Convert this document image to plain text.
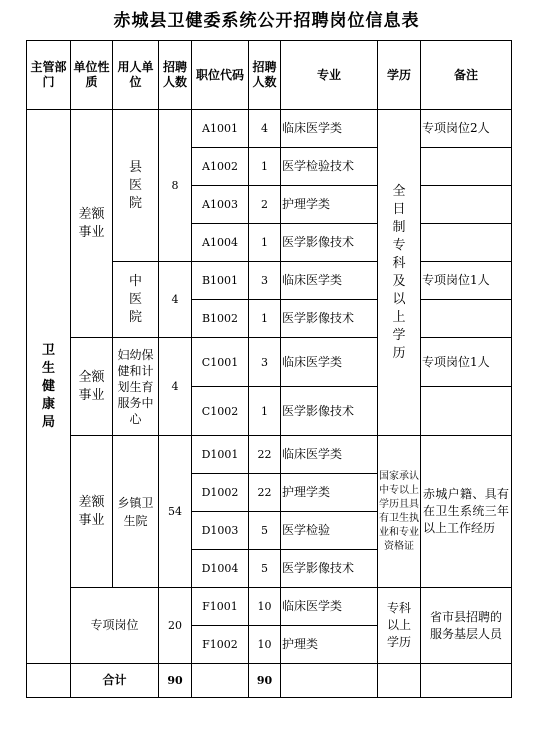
赤城县卫健委系统公开招聘岗位信息表
主管部门	单位性质	用人单位	招聘人数	职位代码	招聘人数	专业	学历	备注
卫生健康局	差额事业	县医院	8	A1001	4	临床医学类	全日制专科及以上学历	专项岗位2人
				A1002	1	医学检验技术		
				A1003	2	护理学类		
				A1004	1	医学影像技术		
		中医院	4	B1001	3	临床医学类		专项岗位1人
				B1002	1	医学影像技术		
	全额事业	妇幼保健和计划生育服务中心	4	C1001	3	临床医学类		专项岗位1人
				C1002	1	医学影像技术		
	差额事业	乡镇卫生院	54	D1001	22	临床医学类	国家承认中专以上学历且具有卫生执业和专业资格证	赤城户籍、具有在卫生系统三年以上工作经历
				D1002	22	护理学类		
				D1003	5	医学检验		
				D1004	5	医学影像技术		
	专项岗位		20	F1001	10	临床医学类	专科以上学历	省市县招聘的服务基层人员
				F1002	10	护理类		
	合计		90		90			
